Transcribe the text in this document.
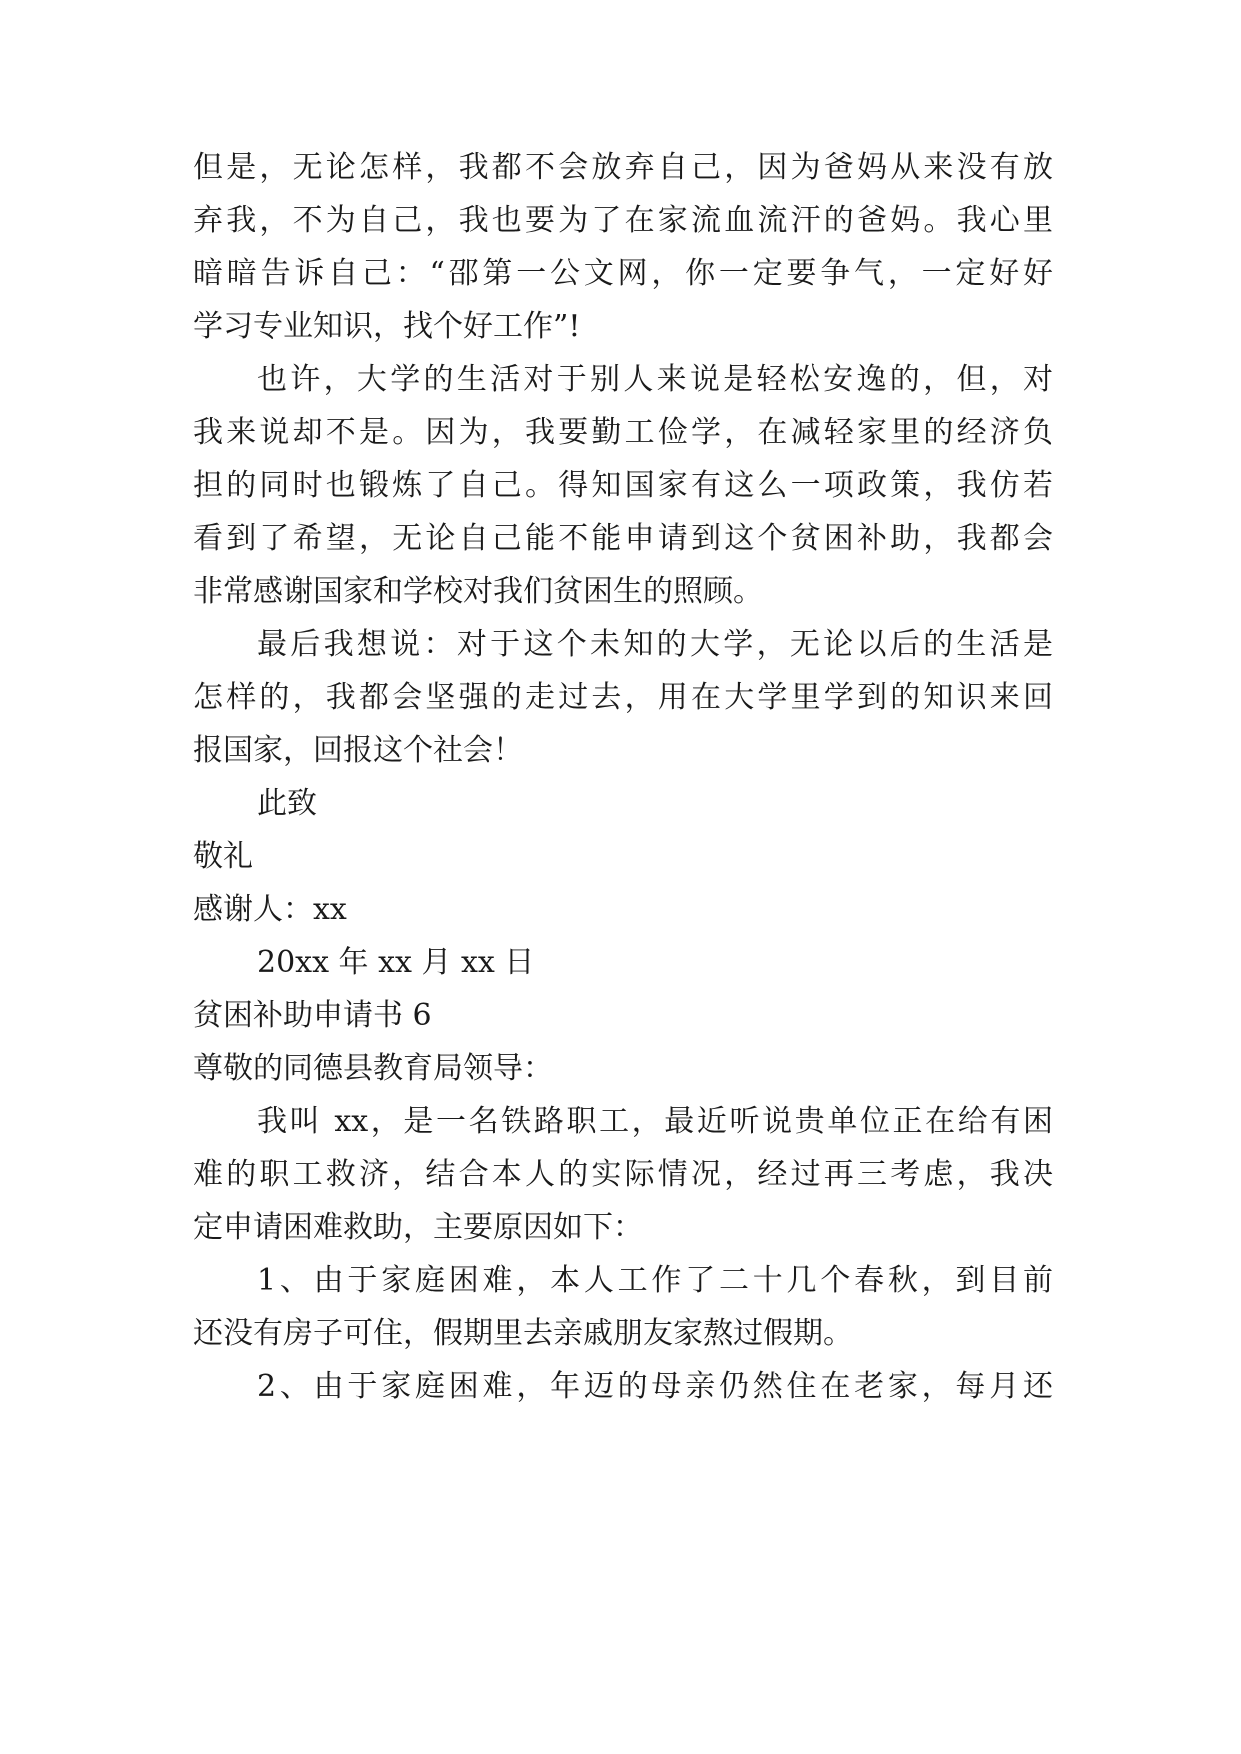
但是，无论怎样，我都不会放弃自己，因为爸妈从来没有放
弃我，不为自己，我也要为了在家流血流汗的爸妈。我心里
暗暗告诉自己：“邵第一公文网，你一定要争气，一定好好
学习专业知识，找个好工作”!
也许，大学的生活对于别人来说是轻松安逸的，但，对
我来说却不是。因为，我要勤工俭学，在减轻家里的经济负
担的同时也锻炼了自己。得知国家有这么一项政策，我仿若
看到了希望，无论自己能不能申请到这个贫困补助，我都会
非常感谢国家和学校对我们贫困生的照顾。
最后我想说：对于这个未知的大学，无论以后的生活是
怎样的，我都会坚强的走过去，用在大学里学到的知识来回
报国家，回报这个社会！
此致
敬礼
感谢人：xx
20xx 年 xx 月 xx 日
贫困补助申请书 6
尊敬的同德县教育局领导：
我叫 xx，是一名铁路职工，最近听说贵单位正在给有困
难的职工救济，结合本人的实际情况，经过再三考虑，我决
定申请困难救助，主要原因如下：
1、由于家庭困难，本人工作了二十几个春秋，到目前
还没有房子可住，假期里去亲戚朋友家熬过假期。
2、由于家庭困难，年迈的母亲仍然住在老家，每月还
